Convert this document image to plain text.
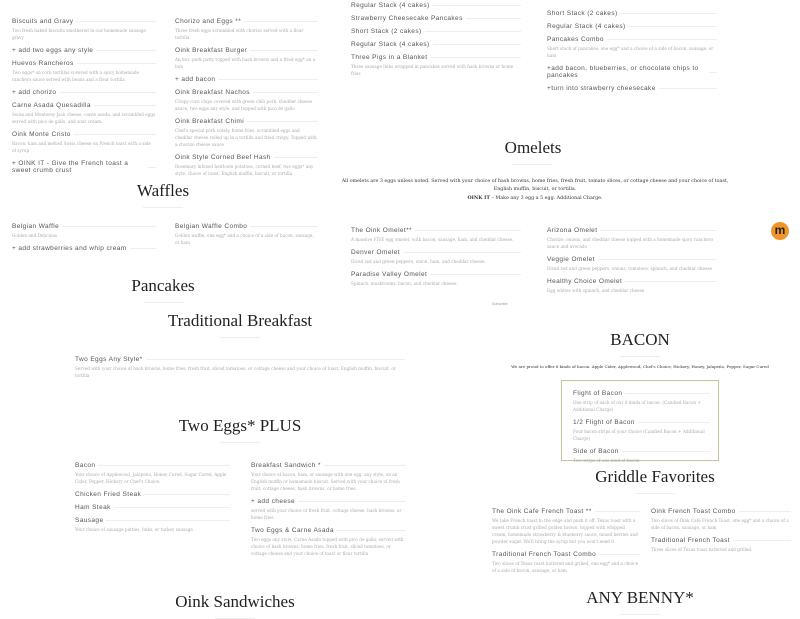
Biscuits and Gravy
Two fresh baked biscuits smothered in our homemade sausage gravy
+ add two eggs any style
Huevos Rancheros
Two eggs* on corn tortillas covered with a spicy homemade ranchero sauce served with beans and a flour tortilla
+ add chorizo
Carne Asada Quesadilla
Swiss and Monterey Jack cheese, carne asada, and scrambled eggs served with pico de gallo, and sour cream.
Oink Monte Cristo
Bacon, ham and melted Swiss cheese on French toast with a side of syrup
+ OINK IT - Give the French toast a sweet crumb crust
Chorizo and Eggs **
Three fresh eggs scrambled with chorizo served with a flour tortilla
Oink Breakfast Burger
An 8oz. pork patty topped with hash browns and a fried egg* on a bun
+ add bacon
Oink Breakfast Nachos
Crispy corn chips covered with green chili pork, chedder cheese sauce, two eggs any style, and topped with pico de gallo
Oink Breakfast Chimi
Chef's special pork cutely, home fries, scrambled eggs and cheddar cheese rolled up in a tortilla and fried crispy. Topped with a chorizo cheese sauce
Oink Style Corned Beef Hash
Rosemary infused heirloom potatoes, corned beef, two eggs* any style, choice of toast, English muffin, biscuit, or tortilla
Regular Stack (4 cakes)
Strawberry Cheesecake Pancakes
Short Stack (2 cakes)
Regular Stack (4 cakes)
Three Pigs in a Blanket
Three sausage links wrapped in pancakes served with hash browns or home fries
Short Stack (2 cakes)
Regular Stack (4 cakes)
Pancakes Combo
Short stack of pancakes, one egg* and a choice of a side of bacon, sausage, or ham
+add bacon, blueberries, or chocolate chips to pancakes
+turn into strawberry cheesecake
Omelets
All omelets are 3 eggs unless noted. Served with your choice of hash browns, home fries, fresh fruit, tomato slices, or cottage cheese and your choice of toast, English muffin, biscuit, or tortilla.
OINK IT – Make any 3 egg a 5 egg. Additional Charge.
The Oink Omelet**
A massive FIVE egg omelet, with bacon, sausage, ham, and cheddar cheese.
Denver Omelet
Diced red and green peppers, onion, ham, and cheddar cheese.
Paradise Valley Omelet
Spinach, mushrooms, bacon, and cheddar cheese.
Arizona Omelet
Chorizo, onions, and cheddar cheese topped with a homemade spicy ranchero sauce and avocado
Veggie Omelet
Diced red and green peppers, onions, tomatoes, spinach, and cheddar cheese
Healthy Choice Omelet
Egg whites with spinach, and cheddar cheese
Subscribe
m
Waffles
Belgian Waffle
Golden and Delicious
+ add strawberries and whip cream
Belgian Waffle Combo
Golden waffle, one egg* and a choice of a side of bacon, sausage, or ham
Pancakes
Traditional Breakfast
Two Eggs Any Style*
Served with your choice of hash browns, home fries, fresh fruit, sliced tomatoes, or cottage cheese and your choice of toast, English muffin, biscuit, or tortilla
BACON
We are proud to offer 8 kinds of bacon. Apple Cider, Applewood, Chef's Choice, Hickory, Honey, Jalapeño, Pepper, Sugar Cured
Flight of Bacon
One strip of each of our 8 kinds of bacon. (Candied Bacon + Additional Charge)
1/2 Flight of Bacon
Four bacon strips of your choice (Candied Bacon + Additional Charge)
Side of Bacon
Two strips of one kind of bacon
Two Eggs* PLUS
Bacon
Your choice of Applewood, Jalapeno, Honey Cured, Sugar Cured, Apple Cider, Pepper, Hickory or Chef's Choice.
Chicken Fried Steak
Ham Steak
Sausage
Your choice of sausage patties, links, or turkey sausage
Breakfast Sandwich *
Your choice of bacon, ham, or sausage with one egg, any style, on an English muffin or homemade biscuit. Served with your choice of fresh fruit, cottage cheese, hash browns, or home fries.
+ add cheese
served with your choice of fresh fruit, cottage cheese, hash browns, or home fries
Two Eggs & Carne Asada
Two eggs any style, Carne Asada topped with pico de gallo, served with choice of hash browns, home fries, fresh fruit, sliced tomatoes, or cottage cheese and your choice of toast or flour tortilla
Griddle Favorites
The Oink Cafe French Toast **
We take French toast to the edge and push it off. Texas toast with a sweet crumb crust grilled golden brown, topped with whipped cream, homemade strawberry & blueberry sauce, mixed berries and powder sugar. We'll bring the syrup but you won't need it
Traditional French Toast Combo
Two slices of Texas toast battered and grilled, one egg* and a choice of a side of bacon, sausage, or ham
Oink French Toast Combo
Two slices of Oink Cafe French Toast, one egg* and a choice of a side of bacon, sausage, or ham
Traditional French Toast
Three slices of Texas toast battered and grilled.
Oink Sandwiches	ANY BENNY*
